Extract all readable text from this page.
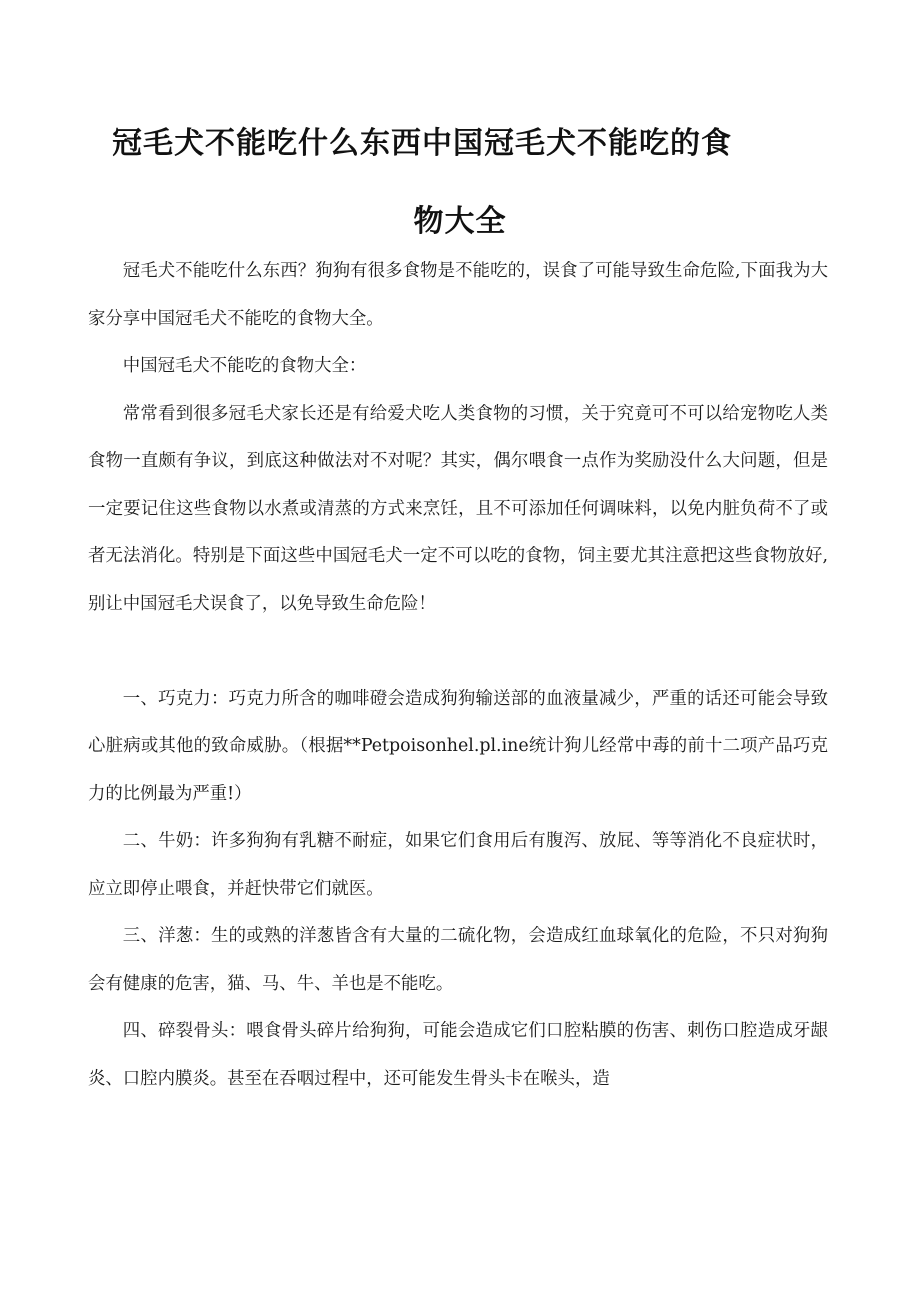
冠毛犬不能吃什么东西中国冠毛犬不能吃的食
物大全

冠毛犬不能吃什么东西？狗狗有很多食物是不能吃的，误食了可能导致生命危险,下面我为大家分享中国冠毛犬不能吃的食物大全。

中国冠毛犬不能吃的食物大全：

常常看到很多冠毛犬家长还是有给爱犬吃人类食物的习惯，关于究竟可不可以给宠物吃人类食物一直颇有争议，到底这种做法对不对呢？其实，偶尔喂食一点作为奖励没什么大问题，但是一定要记住这些食物以水煮或清蒸的方式来烹饪，且不可添加任何调味料，以免内脏负荷不了或者无法消化。特别是下面这些中国冠毛犬一定不可以吃的食物，饲主要尤其注意把这些食物放好,别让中国冠毛犬误食了，以免导致生命危险！

一、巧克力：巧克力所含的咖啡磴会造成狗狗输送部的血液量减少，严重的话还可能会导致心脏病或其他的致命威胁。（根据**Petpoisonhel.pl.ine统计狗儿经常中毒的前十二项产品巧克力的比例最为严重!）

二、牛奶：许多狗狗有乳糖不耐症，如果它们食用后有腹泻、放屁、等等消化不良症状时，应立即停止喂食，并赶快带它们就医。

三、洋葱：生的或熟的洋葱皆含有大量的二硫化物，会造成红血球氧化的危险，不只对狗狗会有健康的危害，猫、马、牛、羊也是不能吃。

四、碎裂骨头：喂食骨头碎片给狗狗，可能会造成它们口腔粘膜的伤害、刺伤口腔造成牙龈炎、口腔内膜炎。甚至在吞咽过程中，还可能发生骨头卡在喉头，造
